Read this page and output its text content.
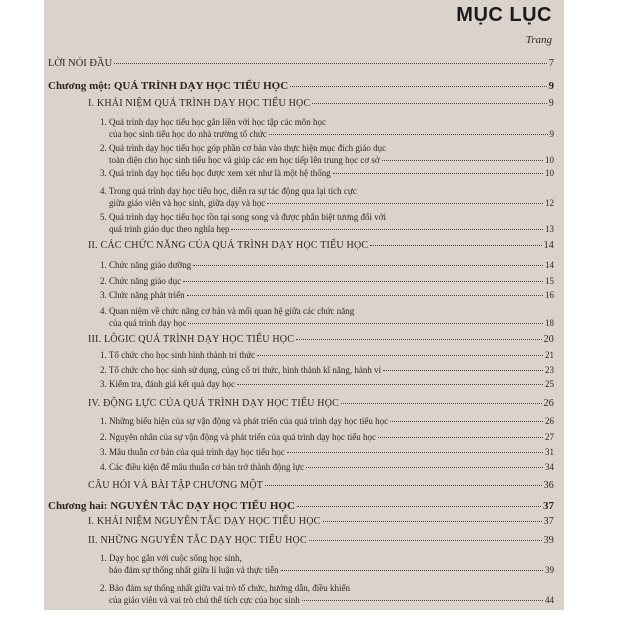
MỤC LỤC
Trang
LỜI NÓI ĐẦU	7
Chương một: QUÁ TRÌNH DẠY HỌC TIỂU HỌC	9
I. KHÁI NIỆM QUÁ TRÌNH DẠY HỌC TIỂU HỌC	9
1. Quá trình dạy học tiểu học gắn liền với học tập các môn học
của học sinh tiểu học do nhà trường tổ chức	9
2. Quá trình dạy học tiểu học góp phần cơ bản vào thực hiện mục đích giáo dục
toàn diện cho học sinh tiểu học và giúp các em học tiếp lên trung học cơ sở	10
3. Quá trình dạy học tiểu học được xem xét như là một hệ thống	10
4. Trong quá trình dạy học tiểu học, diễn ra sự tác động qua lại tích cực
giữa giáo viên và học sinh, giữa dạy và học	12
5. Quá trình dạy học tiểu học tồn tại song song và được phân biệt tương đối với
quá trình giáo dục theo nghĩa hẹp	13
II. CÁC CHỨC NĂNG CỦA QUÁ TRÌNH DẠY HỌC TIỂU HỌC	14
1. Chức năng giáo dưỡng	14
2. Chức năng giáo dục	15
3. Chức năng phát triển	16
4. Quan niệm về chức năng cơ bản và mối quan hệ giữa các chức năng
của quá trình dạy học	18
III. LÔGIC QUÁ TRÌNH DẠY HỌC TIỂU HỌC	20
1. Tổ chức cho học sinh hình thành tri thức	21
2. Tổ chức cho học sinh sử dụng, củng cố tri thức, hình thành kĩ năng, hành vi	23
3. Kiểm tra, đánh giá kết quả dạy học	25
IV. ĐỘNG LỰC CỦA QUÁ TRÌNH DẠY HỌC TIỂU HỌC	26
1. Những biểu hiện của sự vận động và phát triển của quá trình dạy học tiểu học	26
2. Nguyên nhân của sự vận động và phát triển của quá trình dạy học tiểu học	27
3. Mâu thuẫn cơ bản của quá trình dạy học tiểu học	31
4. Các điều kiện để mâu thuẫn cơ bản trở thành động lực	34
CÂU HỎI VÀ BÀI TẬP CHƯƠNG MỘT	36
Chương hai: NGUYÊN TẮC DẠY HỌC TIỂU HỌC	37
I. KHÁI NIỆM NGUYÊN TẮC DẠY HỌC TIỂU HỌC	37
II. NHỮNG NGUYÊN TẮC DẠY HỌC TIỂU HỌC	39
1. Dạy học gắn với cuộc sống học sinh,
bảo đảm sự thống nhất giữa lí luận và thực tiễn	39
2. Bảo đảm sự thống nhất giữa vai trò tổ chức, hướng dẫn, điều khiển
của giáo viên và vai trò chủ thể tích cực của học sinh	44
